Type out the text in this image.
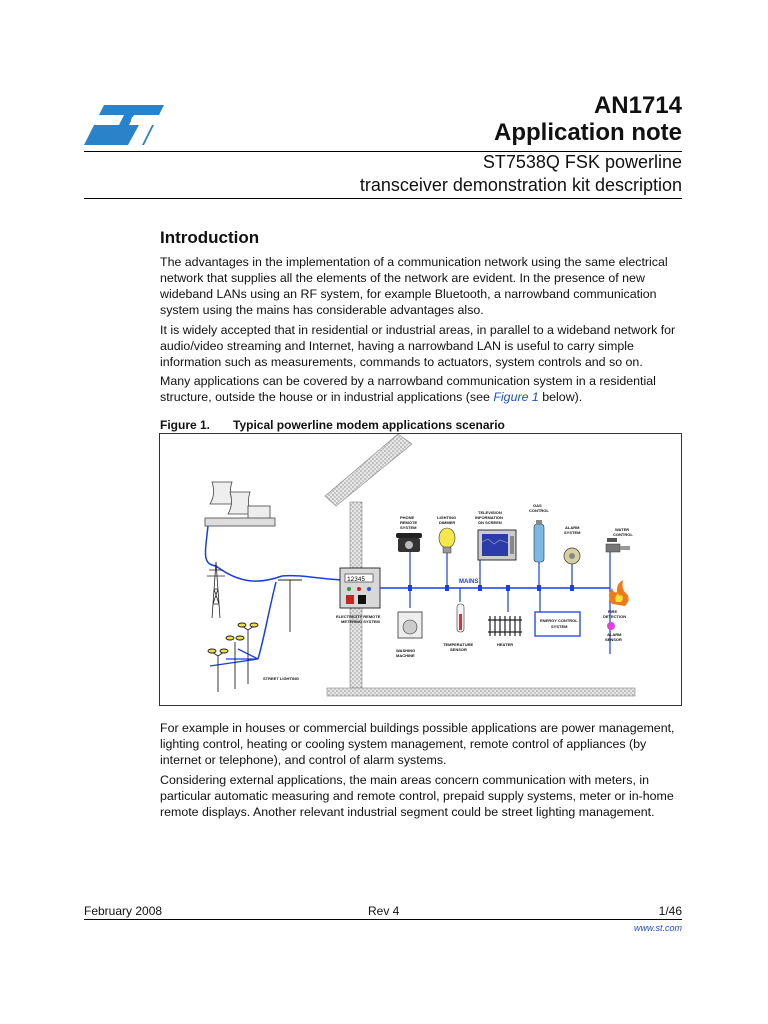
AN1714
Application note
ST7538Q FSK powerline
transceiver demonstration kit description
Introduction
The advantages in the implementation of a communication network using the same electrical network that supplies all the elements of the network are evident. In the presence of new wideband LANs using an RF system, for example Bluetooth, a narrowband communication system using the mains has considerable advantages also.
It is widely accepted that in residential or industrial areas, in parallel to a wideband network for audio/video streaming and Internet, having a narrowband LAN is useful to carry simple information such as measurements, commands to actuators, system controls and so on.
Many applications can be covered by a narrowband communication system in a residential structure, outside the house or in industrial applications (see Figure 1 below).
Figure 1. Typical powerline modem applications scenario
STREET LIGHTING
12345
ELECTRICITY REMOTE
METERING SYSTEM
MAINS
PHONE
REMOTE
SYSTEM
LIGHTING
DIMMER
TELEVISION
INFORMATION
ON SCREEN
GAS
CONTROL
ALARM
SYSTEM
WATER
CONTROL
WASHING
MACHINE
TEMPERATURE
SENSOR
HEATER
ENERGY CONTROL
SYSTEM
FIRE
DETECTION
ALARM
SENSOR
For example in houses or commercial buildings possible applications are power management, lighting control, heating or cooling system management, remote control of appliances (by internet or telephone), and control of alarm systems.
Considering external applications, the main areas concern communication with meters, in particular automatic measuring and remote control, prepaid supply systems, meter or in-home remote displays. Another relevant industrial segment could be street lighting management.
February 2008	Rev 4	1/46
www.st.com
